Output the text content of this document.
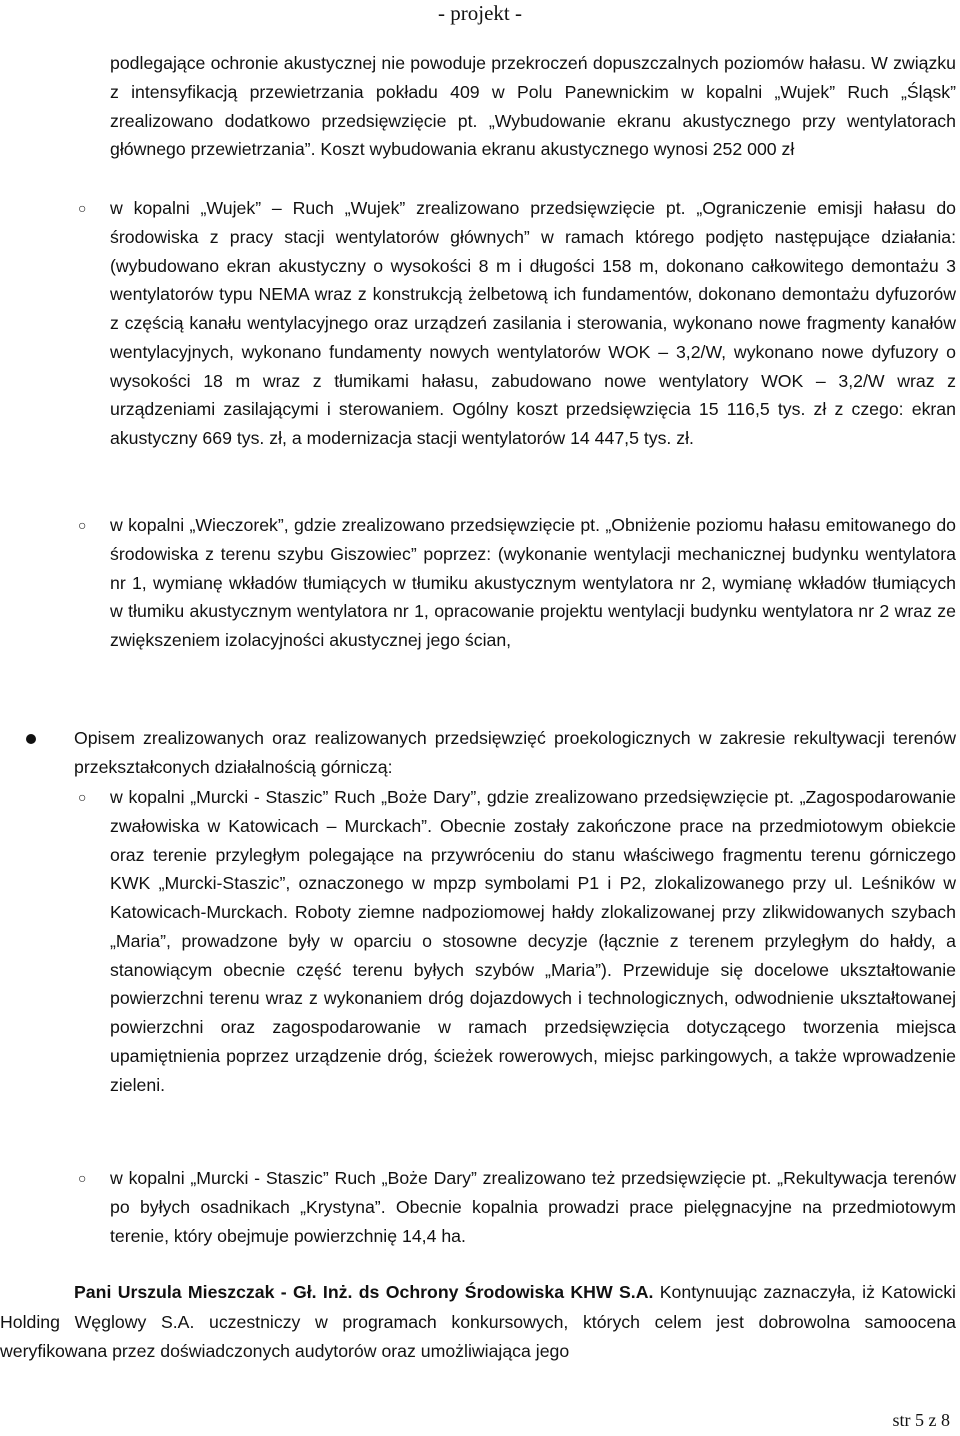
- projekt -

podlegające ochronie akustycznej nie powoduje przekroczeń dopuszczalnych poziomów hałasu. W związku z intensyfikacją przewietrzania pokładu 409 w Polu Panewnickim w kopalni „Wujek” Ruch „Śląsk” zrealizowano dodatkowo przedsięwzięcie pt. „Wybudowanie ekranu akustycznego przy wentylatorach głównego przewietrzania”. Koszt wybudowania ekranu akustycznego wynosi 252 000 zł

○ w kopalni „Wujek” – Ruch „Wujek” zrealizowano przedsięwzięcie pt. „Ograniczenie emisji hałasu do środowiska z pracy stacji wentylatorów głównych” w ramach którego podjęto następujące działania:(wybudowano ekran akustyczny o wysokości 8 m i długości 158 m, dokonano całkowitego demontażu 3 wentylatorów typu NEMA wraz z konstrukcją żelbetową ich fundamentów, dokonano demontażu dyfuzorów z częścią kanału wentylacyjnego oraz urządzeń zasilania i sterowania, wykonano nowe fragmenty kanałów wentylacyjnych, wykonano fundamenty nowych wentylatorów WOK – 3,2/W, wykonano nowe dyfuzory o wysokości 18 m wraz z tłumikami hałasu, zabudowano nowe wentylatory WOK – 3,2/W wraz z urządzeniami zasilającymi i sterowaniem. Ogólny koszt przedsięwzięcia 15 116,5 tys. zł z czego: ekran akustyczny 669 tys. zł, a modernizacja stacji wentylatorów 14 447,5 tys. zł.

○ w kopalni „Wieczorek”, gdzie zrealizowano przedsięwzięcie pt. „Obniżenie poziomu hałasu emitowanego do środowiska z terenu szybu Giszowiec” poprzez: (wykonanie wentylacji mechanicznej budynku wentylatora nr 1, wymianę wkładów tłumiących w tłumiku akustycznym wentylatora nr 2, wymianę wkładów tłumiących w tłumiku akustycznym wentylatora nr 1, opracowanie projektu wentylacji budynku wentylatora nr 2 wraz ze zwiększeniem izolacyjności akustycznej jego ścian,

Opisem zrealizowanych oraz realizowanych przedsięwzięć proekologicznych w zakresie rekultywacji terenów przekształconych działalnością górniczą:

○ w kopalni „Murcki - Staszic” Ruch „Boże Dary”, gdzie zrealizowano przedsięwzięcie pt. „Zagospodarowanie zwałowiska w Katowicach – Murckach”. Obecnie zostały zakończone prace na przedmiotowym obiekcie oraz terenie przyległym polegające na przywróceniu do stanu właściwego fragmentu terenu górniczego KWK „Murcki-Staszic”, oznaczonego w mpzp symbolami P1 i P2, zlokalizowanego przy ul. Leśników w Katowicach-Murckach. Roboty ziemne nadpoziomowej hałdy zlokalizowanej przy zlikwidowanych szybach „Maria”, prowadzone były w oparciu o stosowne decyzje (łącznie z terenem przyległym do hałdy, a stanowiącym obecnie część terenu byłych szybów „Maria”). Przewiduje się docelowe ukształtowanie powierzchni terenu wraz z wykonaniem dróg dojazdowych i technologicznych, odwodnienie ukształtowanej powierzchni oraz zagospodarowanie w ramach przedsięwzięcia dotyczącego tworzenia miejsca upamiętnienia poprzez urządzenie dróg, ścieżek rowerowych, miejsc parkingowych, a także wprowadzenie zieleni.

○ w kopalni „Murcki - Staszic” Ruch „Boże Dary” zrealizowano też przedsięwzięcie pt. „Rekultywacja terenów po byłych osadnikach „Krystyna”. Obecnie kopalnia prowadzi prace pielęgnacyjne na przedmiotowym terenie, który obejmuje powierzchnię 14,4 ha.

Pani Urszula Mieszczak - Gł. Inż. ds Ochrony Środowiska KHW S.A. Kontynuując zaznaczyła, iż Katowicki Holding Węglowy S.A. uczestniczy w programach konkursowych, których celem jest dobrowolna samoocena weryfikowana przez doświadczonych audytorów oraz umożliwiająca jego

str 5 z 8
